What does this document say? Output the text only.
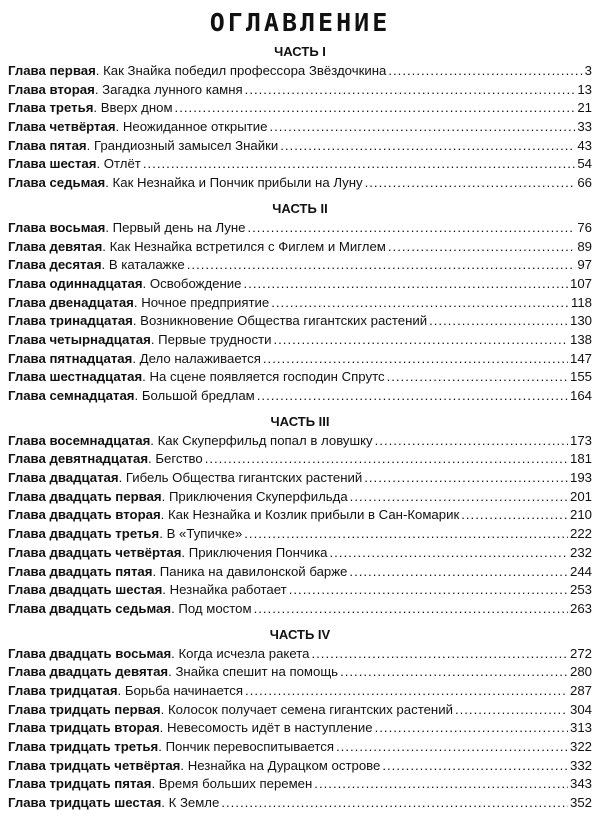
ОГЛАВЛЕНИЕ
ЧАСТЬ I
Глава первая . Как Знайка победил профессора Звёздочкина .....	3
Глава вторая . Загадка лунного камня .....	13
Глава третья . Вверх дном .....	21
Глава четвёртая . Неожиданное открытие .....	33
Глава пятая . Грандиозный замысел Знайки .....	43
Глава шестая . Отлёт .....	54
Глава седьмая . Как Незнайка и Пончик прибыли на Луну .....	66
ЧАСТЬ II
Глава восьмая . Первый день на Луне .....	76
Глава девятая . Как Незнайка встретился с Фиглем и Миглем .....	89
Глава десятая . В каталажке .....	97
Глава одиннадцатая . Освобождение .....	107
Глава двенадцатая . Ночное предприятие .....	118
Глава тринадцатая . Возникновение Общества гигантских растений .....	130
Глава четырнадцатая . Первые трудности .....	138
Глава пятнадцатая . Дело налаживается .....	147
Глава шестнадцатая . На сцене появляется господин Спрутс .....	155
Глава семнадцатая . Большой бредлам .....	164
ЧАСТЬ III
Глава восемнадцатая . Как Скуперфильд попал в ловушку .....	173
Глава девятнадцатая . Бегство .....	181
Глава двадцатая . Гибель Общества гигантских растений .....	193
Глава двадцать первая . Приключения Скуперфильда .....	201
Глава двадцать вторая . Как Незнайка и Козлик прибыли в Сан-Комарик .....	210
Глава двадцать третья . В «Тупичке» .....	222
Глава двадцать четвёртая . Приключения Пончика .....	232
Глава двадцать пятая . Паника на давилонской барже .....	244
Глава двадцать шестая . Незнайка работает .....	253
Глава двадцать седьмая . Под мостом .....	263
ЧАСТЬ IV
Глава двадцать восьмая . Когда исчезла ракета .....	272
Глава двадцать девятая . Знайка спешит на помощь .....	280
Глава тридцатая . Борьба начинается .....	287
Глава тридцать первая . Колосок получает семена гигантских растений .....	304
Глава тридцать вторая . Невесомость идёт в наступление .....	313
Глава тридцать третья . Пончик перевоспитывается .....	322
Глава тридцать четвёртая . Незнайка на Дурацком острове .....	332
Глава тридцать пятая . Время больших перемен .....	343
Глава тридцать шестая . К Земле .....	352
